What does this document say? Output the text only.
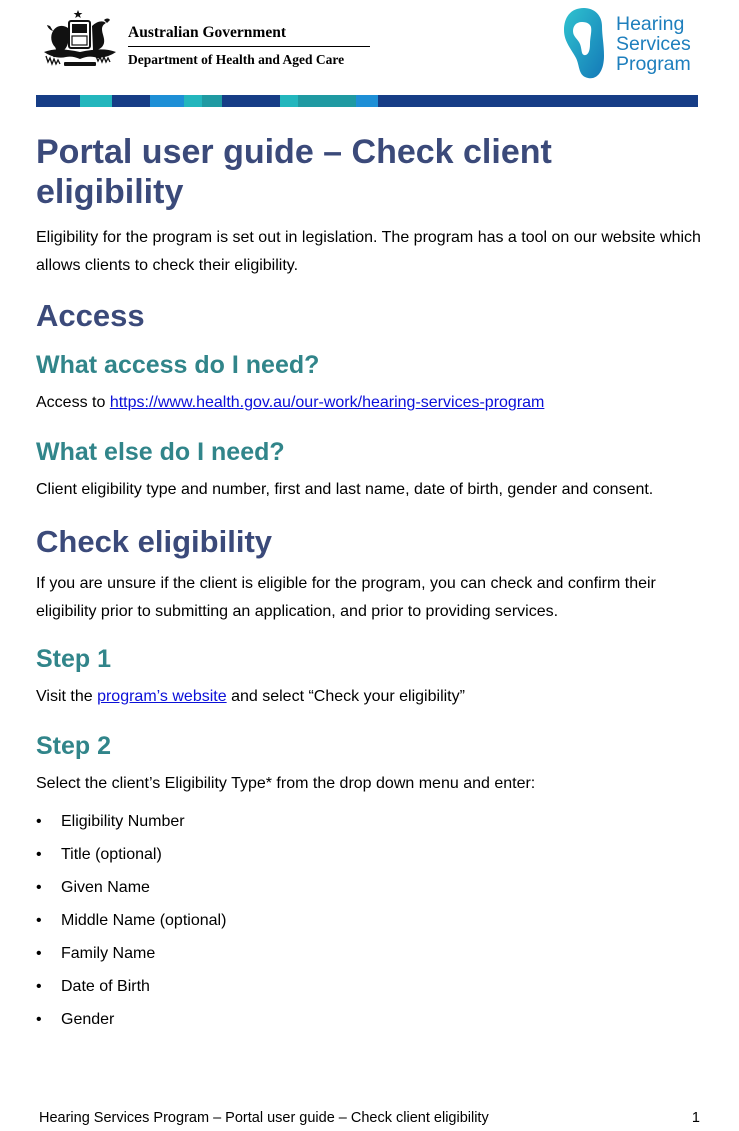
Australian Government
Department of Health and Aged Care
Hearing
Services
Program
Portal user guide – Check client eligibility

Eligibility for the program is set out in legislation. The program has a tool on our website which allows clients to check their eligibility.

Access
What access do I need?

Access to https://www.health.gov.au/our-work/hearing-services-program

What else do I need?

Client eligibility type and number, first and last name, date of birth, gender and consent.

Check eligibility

If you are unsure if the client is eligible for the program, you can check and confirm their eligibility prior to submitting an application, and prior to providing services.

Step 1

Visit the program’s website and select “Check your eligibility”

Step 2

Select the client’s Eligibility Type* from the drop down menu and enter:

• Eligibility Number
• Title (optional)
• Given Name
• Middle Name (optional)
• Family Name
• Date of Birth
• Gender
Hearing Services Program – Portal user guide – Check client eligibility	1
